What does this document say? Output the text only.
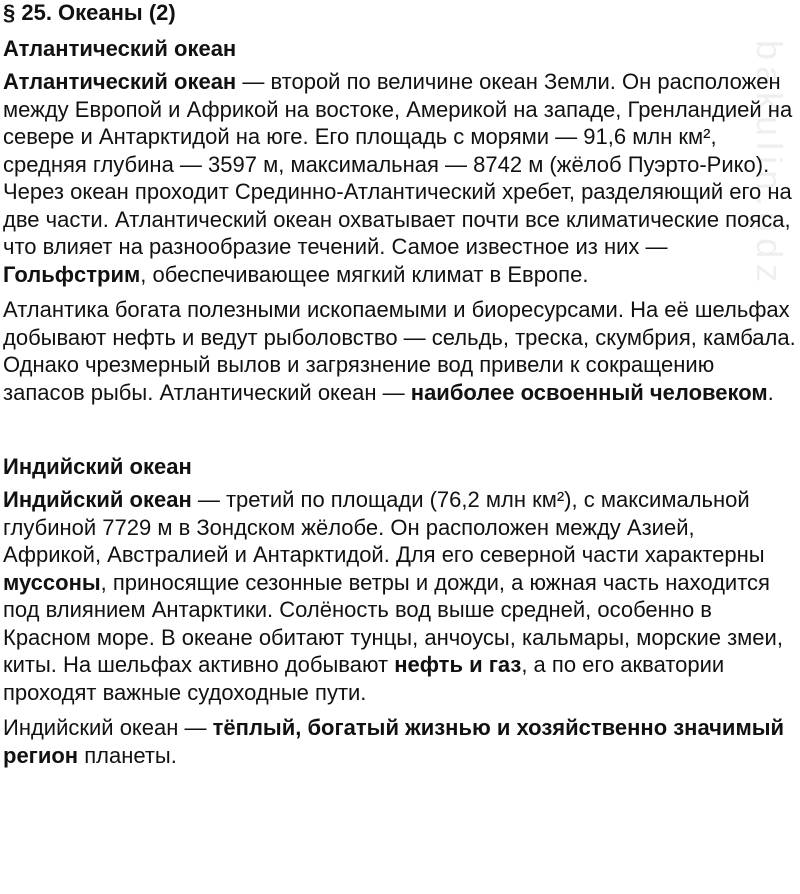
bakulin.gdz
§ 25. Океаны (2)
Атлантический океан

Атлантический океан — второй по величине океан Земли. Он расположен между Европой и Африкой на востоке, Америкой на западе, Гренландией на севере и Антарктидой на юге. Его площадь с морями — 91,6 млн км², средняя глубина — 3597 м, максимальная — 8742 м (жёлоб Пуэрто-Рико). Через океан проходит Срединно-Атлантический хребет, разделяющий его на две части. Атлантический океан охватывает почти все климатические пояса, что влияет на разнообразие течений. Самое известное из них — Гольфстрим, обеспечивающее мягкий климат в Европе.

Атлантика богата полезными ископаемыми и биоресурсами. На её шельфах добывают нефть и ведут рыболовство — сельдь, треска, скумбрия, камбала. Однако чрезмерный вылов и загрязнение вод привели к сокращению запасов рыбы. Атлантический океан — наиболее освоенный человеком.

Индийский океан

Индийский океан — третий по площади (76,2 млн км²), с максимальной глубиной 7729 м в Зондском жёлобе. Он расположен между Азией, Африкой, Австралией и Антарктидой. Для его северной части характерны муссоны, приносящие сезонные ветры и дожди, а южная часть находится под влиянием Антарктики. Солёность вод выше средней, особенно в Красном море. В океане обитают тунцы, анчоусы, кальмары, морские змеи, киты. На шельфах активно добывают нефть и газ, а по его акватории проходят важные судоходные пути.

Индийский океан — тёплый, богатый жизнью и хозяйственно значимый регион планеты.
